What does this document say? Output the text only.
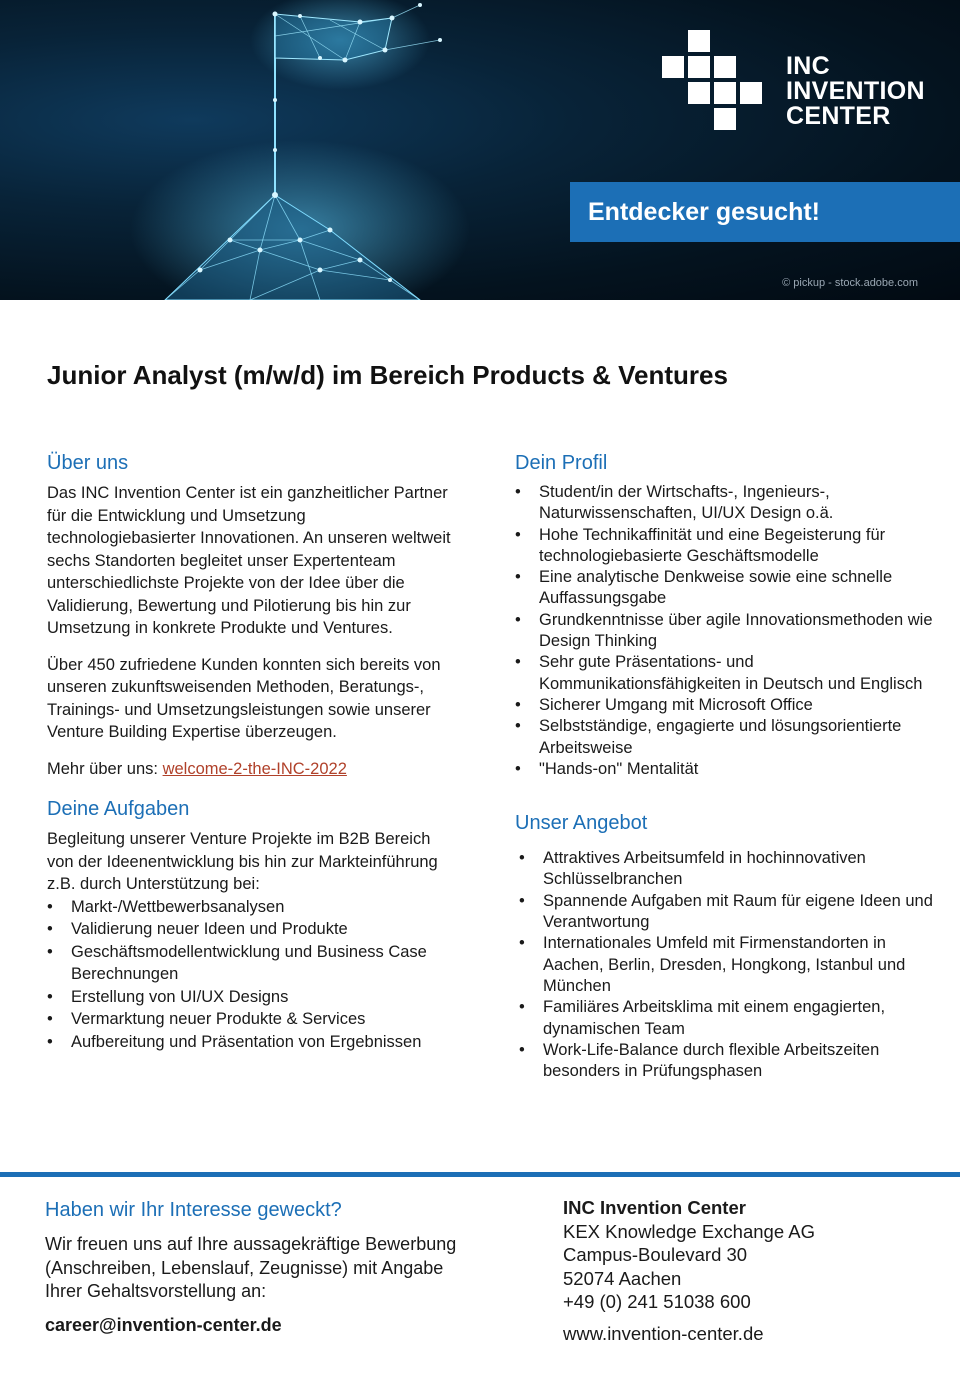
INC
INVENTION
CENTER
Entdecker gesucht!
© pickup - stock.adobe.com
Junior Analyst (m/w/d) im Bereich Products & Ventures
Über uns

Das INC Invention Center ist ein ganzheitlicher Partner für die Entwicklung und Umsetzung technologiebasierter Innovationen. An unseren weltweit sechs Standorten begleitet unser Expertenteam unterschiedlichste Projekte von der Idee über die Validierung, Bewertung und Pilotierung bis hin zur Umsetzung in konkrete Produkte und Ventures.

Über 450 zufriedene Kunden konnten sich bereits von unseren zukunftsweisenden Methoden, Beratungs-, Trainings- und Umsetzungsleistungen sowie unserer Venture Building Expertise überzeugen.

Mehr über uns: welcome-2-the-INC-2022

Deine Aufgaben

Begleitung unserer Venture Projekte im B2B Bereich von der Ideenentwicklung bis hin zur Markteinführung z.B. durch Unterstützung bei:

• Markt-/Wettbewerbsanalysen
• Validierung neuer Ideen und Produkte
• Geschäftsmodellentwicklung und Business Case Berechnungen
• Erstellung von UI/UX Designs
• Vermarktung neuer Produkte & Services
• Aufbereitung und Präsentation von Ergebnissen
Dein Profil
• Student/in der Wirtschafts-, Ingenieurs-, Naturwissenschaften, UI/UX Design o.ä.
• Hohe Technikaffinität und eine Begeisterung für technologiebasierte Geschäftsmodelle
• Eine analytische Denkweise sowie eine schnelle Auffassungsgabe
• Grundkenntnisse über agile Innovationsmethoden wie Design Thinking
• Sehr gute Präsentations- und Kommunikationsfähigkeiten in Deutsch und Englisch
• Sicherer Umgang mit Microsoft Office
• Selbstständige, engagierte und lösungsorientierte Arbeitsweise
• "Hands-on" Mentalität
Unser Angebot
• Attraktives Arbeitsumfeld in hochinnovativen Schlüsselbranchen
• Spannende Aufgaben mit Raum für eigene Ideen und Verantwortung
• Internationales Umfeld mit Firmenstandorten in Aachen, Berlin, Dresden, Hongkong, Istanbul und München
• Familiäres Arbeitsklima mit einem engagierten, dynamischen Team
• Work-Life-Balance durch flexible Arbeitszeiten besonders in Prüfungsphasen
Haben wir Ihr Interesse geweckt?

Wir freuen uns auf Ihre aussagekräftige Bewerbung (Anschreiben, Lebenslauf, Zeugnisse) mit Angabe Ihrer Gehaltsvorstellung an:

career@invention-center.de

INC Invention Center

KEX Knowledge Exchange AG

Campus-Boulevard 30

52074 Aachen

+49 (0) 241 51038 600

www.invention-center.de
